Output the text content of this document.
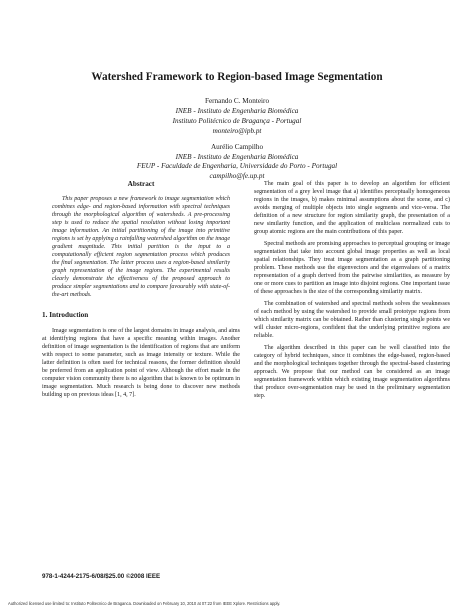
Watershed Framework to Region-based Image Segmentation
Fernando C. Monteiro
INEB - Instituto de Engenharia Biomédica
Instituto Politécnico de Bragança - Portugal
monteiro@ipb.pt
Aurélio Campilho
INEB - Instituto de Engenharia Biomédica
FEUP - Faculdade de Engenharia, Universidade do Porto - Portugal
campilho@fe.up.pt
Abstract

This paper proposes a new framework to image segmentation which combines edge- and region-based information with spectral techniques through the morphological algorithm of watersheds. A pre-processing step is used to reduce the spatial resolution without losing important image information. An initial partitioning of the image into primitive regions is set by applying a rainfalling watershed algorithm on the image gradient magnitude. This initial partition is the input to a computationally efficient region segmentation process which produces the final segmentation. The latter process uses a region-based similarity graph representation of the image regions. The experimental results clearly demonstrate the effectiveness of the proposed approach to produce simpler segmentations and to compare favourably with state-of-the-art methods.

1. Introduction

Image segmentation is one of the largest domains in image analysis, and aims at identifying regions that have a specific meaning within images. Another definition of image segmentation is the identification of regions that are uniform with respect to some parameter, such as image intensity or texture. While the latter definition is often used for technical reasons, the former definition should be preferred from an application point of view. Although the effort made in the computer vision community there is no algorithm that is known to be optimum in image segmentation. Much research is being done to discover new methods building up on previous ideas [1, 4, 7].

The main goal of this paper is to develop an algorithm for efficient segmentation of a grey level image that a) identifies perceptually homogeneous regions in the images, b) makes minimal assumptions about the scene, and c) avoids merging of multiple objects into single segments and vice-versa. The definition of a new structure for region similarity graph, the presentation of a new similarity function, and the application of multiclass normalized cuts to group atomic regions are the main contributions of this paper.

Spectral methods are promising approaches to perceptual grouping or image segmentation that take into account global image properties as well as local spatial relationships. They treat image segmentation as a graph partitioning problem. These methods use the eigenvectors and the eigenvalues of a matrix representation of a graph derived from the pairwise similarities, as measure by one or more cues to partition an image into disjoint regions. One important issue of these approaches is the size of the corresponding similarity matrix.

The combination of watershed and spectral methods solves the weaknesses of each method by using the watershed to provide small prototype regions from which similarity matrix can be obtained. Rather than clustering single points we will cluster micro-regions, confident that the underlying primitive regions are reliable.

The algorithm described in this paper can be well classified into the category of hybrid techniques, since it combines the edge-based, region-based and the morphological techniques together through the spectral-based clustering approach. We propose that our method can be considered as an image segmentation framework within which existing image segmentation algorithms that produce over-segmentation may be used in the preliminary segmentation step.

978-1-4244-2175-6/08/$25.00 ©2008 IEEE
Authorized licensed use limited to: Instituto Politecnico de Braganca. Downloaded on February 10, 2010 at 07:22 from IEEE Xplore. Restrictions apply.
